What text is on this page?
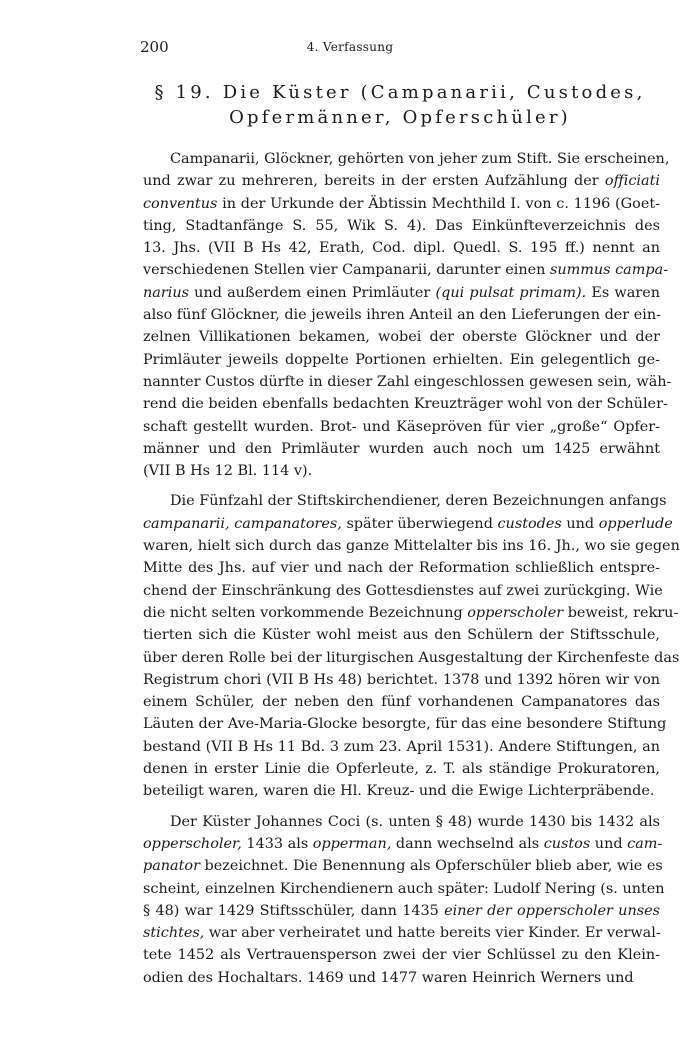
200	4. Verfassung
§ 19. Die Küster (Campanarii, Custodes,
Opfermänner, Opferschüler)
Campanarii, Glöckner, gehörten von jeher zum Stift. Sie erscheinen,
und zwar zu mehreren, bereits in der ersten Aufzählung der officiati
conventus in der Urkunde der Äbtissin Mechthild I. von c. 1196 (Goet-
ting, Stadtanfänge S. 55, Wik S. 4). Das Einkünfteverzeichnis des
13. Jhs. (VII B Hs 42, Erath, Cod. dipl. Quedl. S. 195 ff.) nennt an
verschiedenen Stellen vier Campanarii, darunter einen summus campa-
narius und außerdem einen Primläuter (qui pulsat primam). Es waren
also fünf Glöckner, die jeweils ihren Anteil an den Lieferungen der ein-
zelnen Villikationen bekamen, wobei der oberste Glöckner und der
Primläuter jeweils doppelte Portionen erhielten. Ein gelegentlich ge-
nannter Custos dürfte in dieser Zahl eingeschlossen gewesen sein, wäh-
rend die beiden ebenfalls bedachten Kreuzträger wohl von der Schüler-
schaft gestellt wurden. Brot- und Käsepröven für vier „große“ Opfer-
männer und den Primläuter wurden auch noch um 1425 erwähnt
(VII B Hs 12 Bl. 114 v).
Die Fünfzahl der Stiftskirchendiener, deren Bezeichnungen anfangs
campanarii, campanatores, später überwiegend custodes und opperlude
waren, hielt sich durch das ganze Mittelalter bis ins 16. Jh., wo sie gegen
Mitte des Jhs. auf vier und nach der Reformation schließlich entspre-
chend der Einschränkung des Gottesdienstes auf zwei zurückging. Wie
die nicht selten vorkommende Bezeichnung opperscholer beweist, rekru-
tierten sich die Küster wohl meist aus den Schülern der Stiftsschule,
über deren Rolle bei der liturgischen Ausgestaltung der Kirchenfeste das
Registrum chori (VII B Hs 48) berichtet. 1378 und 1392 hören wir von
einem Schüler, der neben den fünf vorhandenen Campanatores das
Läuten der Ave-Maria-Glocke besorgte, für das eine besondere Stiftung
bestand (VII B Hs 11 Bd. 3 zum 23. April 1531). Andere Stiftungen, an
denen in erster Linie die Opferleute, z. T. als ständige Prokuratoren,
beteiligt waren, waren die Hl. Kreuz- und die Ewige Lichterpräbende.
Der Küster Johannes Coci (s. unten § 48) wurde 1430 bis 1432 als
opperscholer, 1433 als opperman, dann wechselnd als custos und cam-
panator bezeichnet. Die Benennung als Opferschüler blieb aber, wie es
scheint, einzelnen Kirchendienern auch später: Ludolf Nering (s. unten
§ 48) war 1429 Stiftsschüler, dann 1435 einer der opperscholer unses
stichtes, war aber verheiratet und hatte bereits vier Kinder. Er verwal-
tete 1452 als Vertrauensperson zwei der vier Schlüssel zu den Klein-
odien des Hochaltars. 1469 und 1477 waren Heinrich Werners und
